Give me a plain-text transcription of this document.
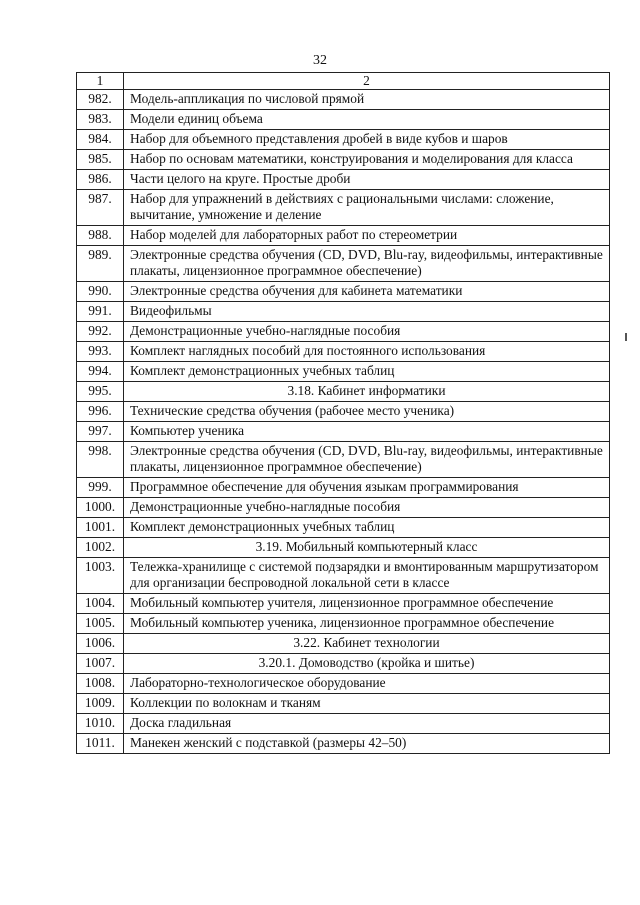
32
1	2
982.	Модель-аппликация по числовой прямой
983.	Модели единиц объема
984.	Набор для объемного представления дробей в виде кубов и шаров
985.	Набор по основам математики, конструирования и моделирования для класса
986.	Части целого на круге. Простые дроби
987.	Набор для упражнений в действиях с рациональными числами: сложение, вычитание, умножение и деление
988.	Набор моделей для лабораторных работ по стереометрии
989.	Электронные средства обучения (CD, DVD, Blu-ray, видеофильмы, интерактивные плакаты, лицензионное программное обеспечение)
990.	Электронные средства обучения для кабинета математики
991.	Видеофильмы
992.	Демонстрационные учебно-наглядные пособия
993.	Комплект наглядных пособий для постоянного использования
994.	Комплект демонстрационных учебных таблиц
995.	3.18. Кабинет информатики
996.	Технические средства обучения (рабочее место ученика)
997.	Компьютер ученика
998.	Электронные средства обучения (CD, DVD, Blu-ray, видеофильмы, интерактивные плакаты, лицензионное программное обеспечение)
999.	Программное обеспечение для обучения языкам программирования
1000.	Демонстрационные учебно-наглядные пособия
1001.	Комплект демонстрационных учебных таблиц
1002.	3.19. Мобильный компьютерный класс
1003.	Тележка-хранилище с системой подзарядки и вмонтированным маршрутизатором для организации беспроводной локальной сети в классе
1004.	Мобильный компьютер учителя, лицензионное программное обеспечение
1005.	Мобильный компьютер ученика, лицензионное программное обеспечение
1006.	3.22. Кабинет технологии
1007.	3.20.1. Домоводство (кройка и шитье)
1008.	Лабораторно-технологическое оборудование
1009.	Коллекции по волокнам и тканям
1010.	Доска гладильная
1011.	Манекен женский с подставкой (размеры 42–50)
